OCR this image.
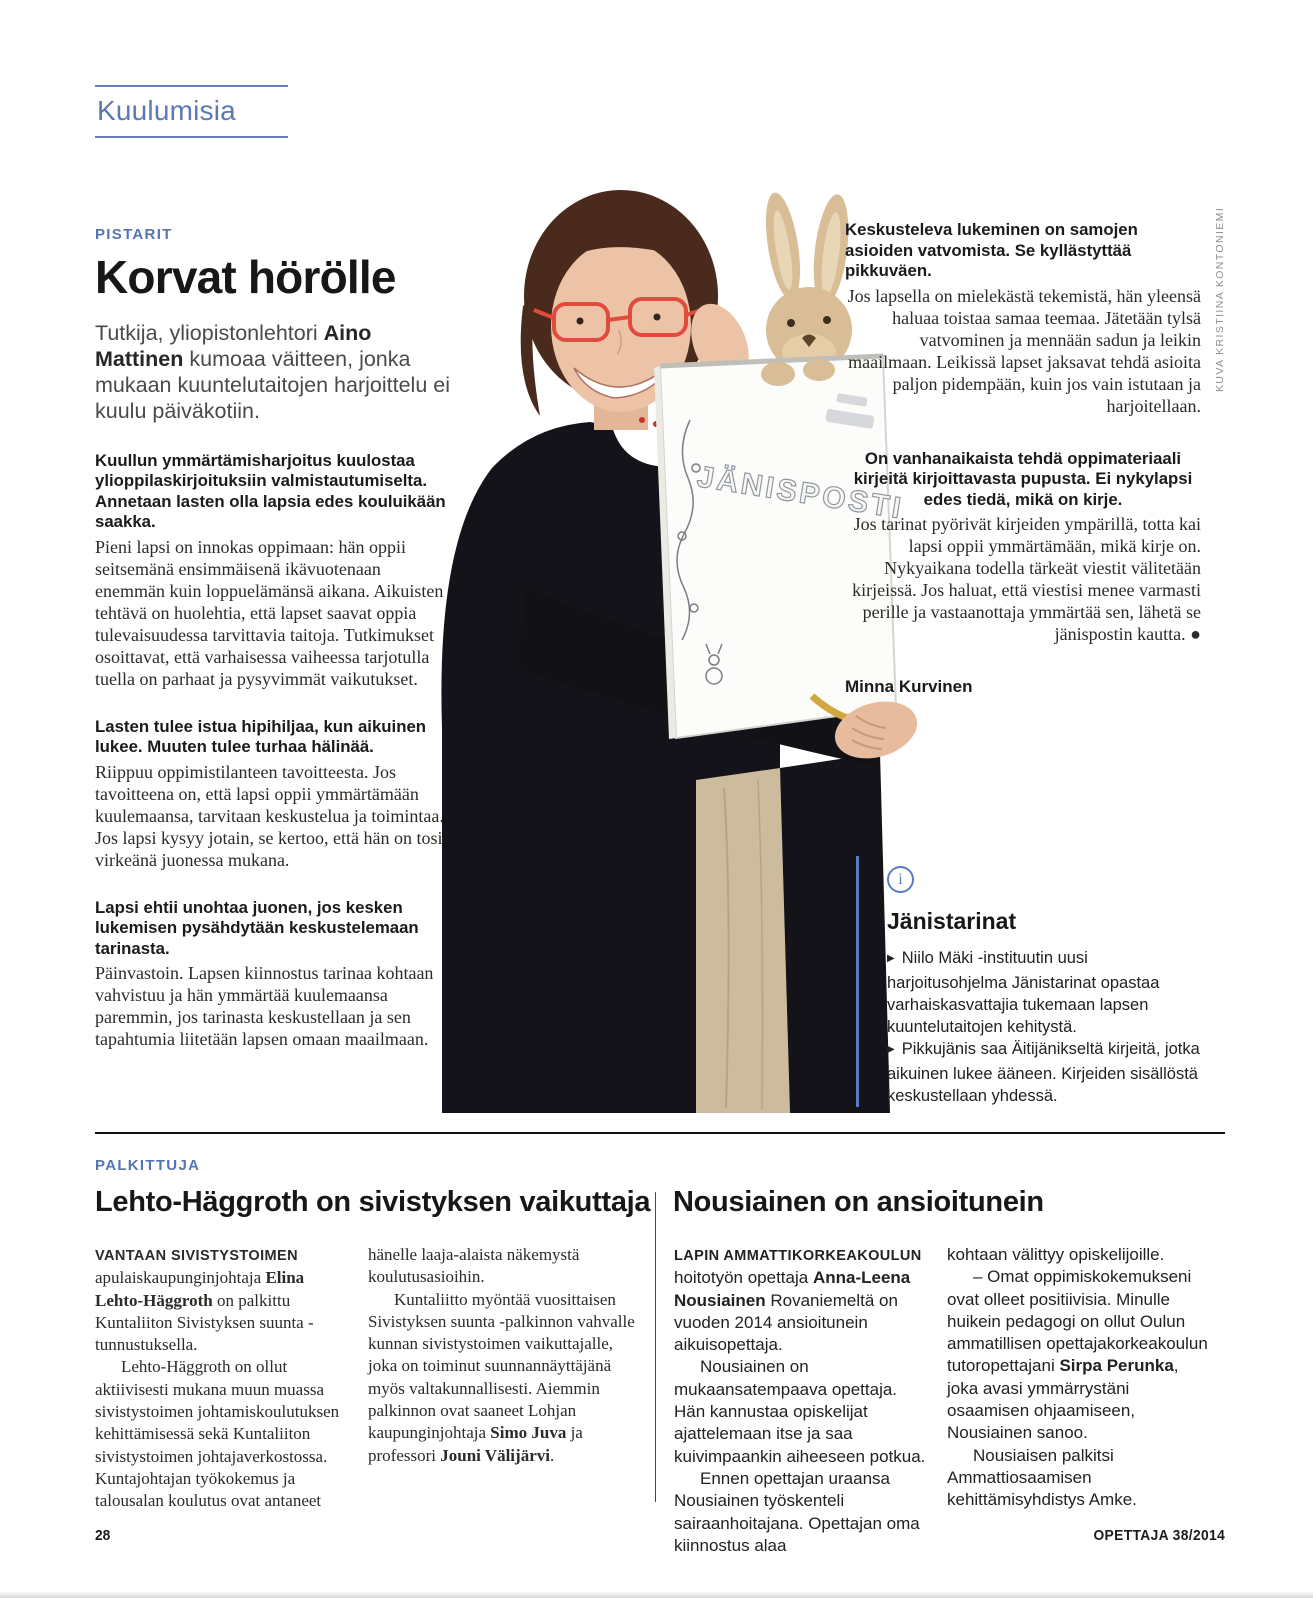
Kuulumisia
JÄNISPOSTI
PISTARIT
Korvat hörölle

Tutkija, yliopistonlehtori Aino Mattinen kumoaa väitteen, jonka mukaan kuuntelutaitojen harjoittelu ei kuulu päiväkotiin.

Kuullun ymmärtämisharjoitus kuulostaa ylioppilaskirjoituksiin valmistautumiselta. Annetaan lasten olla lapsia edes kouluikään saakka.

Pieni lapsi on innokas oppimaan: hän oppii seitsemänä ensimmäisenä ikävuotenaan enemmän kuin loppuelämänsä aikana. Aikuisten tehtävä on huolehtia, että lapset saavat oppia tulevaisuudessa tarvittavia taitoja. Tutkimukset osoittavat, että varhaisessa vaiheessa tarjotulla tuella on parhaat ja pysyvimmät vaikutukset.

Lasten tulee istua hipihiljaa, kun aikuinen lukee. Muuten tulee turhaa hälinää.

Riippuu oppimistilanteen tavoitteesta. Jos tavoitteena on, että lapsi oppii ymmärtämään kuulemaansa, tarvitaan keskustelua ja toimintaa. Jos lapsi kysyy jotain, se kertoo, että hän on tosi virkeänä juonessa mukana.

Lapsi ehtii unohtaa juonen, jos kesken lukemisen pysähdytään keskustelemaan tarinasta.

Päinvastoin. Lapsen kiinnostus tarinaa kohtaan vahvistuu ja hän ymmärtää kuulemaansa paremmin, jos tarinasta keskustellaan ja sen tapahtumia liitetään lapsen omaan maailmaan.

Keskusteleva lukeminen on samojen asioiden vatvomista. Se kyllästyttää pikkuväen.

Jos lapsella on mielekästä tekemistä, hän yleensä haluaa toistaa samaa teemaa. Jätetään tylsä vatvominen ja mennään sadun ja leikin maailmaan. Leikissä lapset jaksavat tehdä asioita paljon pidempään, kuin jos vain istutaan ja harjoitellaan.

On vanhanaikaista tehdä oppimateriaali kirjeitä kirjoittavasta pupusta. Ei nykylapsi edes tiedä, mikä on kirje.

Jos tarinat pyörivät kirjeiden ympärillä, totta kai lapsi oppii ymmärtämään, mikä kirje on. Nykyaikana todella tärkeät viestit välitetään kirjeissä. Jos haluat, että viestisi menee varmasti perille ja vastaanottaja ymmärtää sen, lähetä se jänispostin kautta. ●

Minna Kurvinen
i
Jänistarinat
▶ Niilo Mäki -instituutin uusi harjoitusohjelma Jänistarinat opastaa varhaiskasvattajia tukemaan lapsen kuuntelutaitojen kehitystä.
▶ Pikkujänis saa Äitijänikseltä kirjeitä, jotka aikuinen lukee ääneen. Kirjeiden sisällöstä keskustellaan yhdessä.
KUVA KRISTIINA KONTONIEMI
PALKITTUJA
Lehto-Häggroth on sivistyksen vaikuttaja Nousiainen on ansioitunein

VANTAAN SIVISTYSTOIMEN apulaiskaupunginjohtaja Elina Lehto-Häggroth on palkittu Kuntaliiton Sivistyksen suunta -tunnustuksella.

Lehto-Häggroth on ollut aktiivisesti mukana muun muassa sivistystoimen johtamiskoulutuksen kehittämisessä sekä Kuntaliiton sivistystoimen johtajaverkostossa. Kuntajohtajan työkokemus ja talousalan koulutus ovat antaneet

hänelle laaja-alaista näkemystä koulutusasioihin.

Kuntaliitto myöntää vuosittaisen Sivistyksen suunta -palkinnon vahvalle kunnan sivistystoimen vaikuttajalle, joka on toiminut suunnannäyttäjänä myös valtakunnallisesti. Aiemmin palkinnon ovat saaneet Lohjan kaupunginjohtaja Simo Juva ja professori Jouni Välijärvi.

LAPIN AMMATTIKORKEAKOULUN hoitotyön opettaja Anna-Leena Nousiainen Rovaniemeltä on vuoden 2014 ansioitunein aikuisopettaja.

Nousiainen on mukaansatempaava opettaja. Hän kannustaa opiskelijat ajattelemaan itse ja saa kuivimpaankin aiheeseen potkua.

Ennen opettajan uraansa Nousiainen työskenteli sairaanhoitajana. Opettajan oma kiinnostus alaa

kohtaan välittyy opiskelijoille.

– Omat oppimiskokemukseni ovat olleet positiivisia. Minulle huikein pedagogi on ollut Oulun ammatillisen opettajakorkeakoulun tutoropettajani Sirpa Perunka, joka avasi ymmärrystäni osaamisen ohjaamiseen, Nousiainen sanoo.

Nousiaisen palkitsi Ammattiosaamisen kehittämisyhdistys Amke.

28	OPETTAJA 38/2014
